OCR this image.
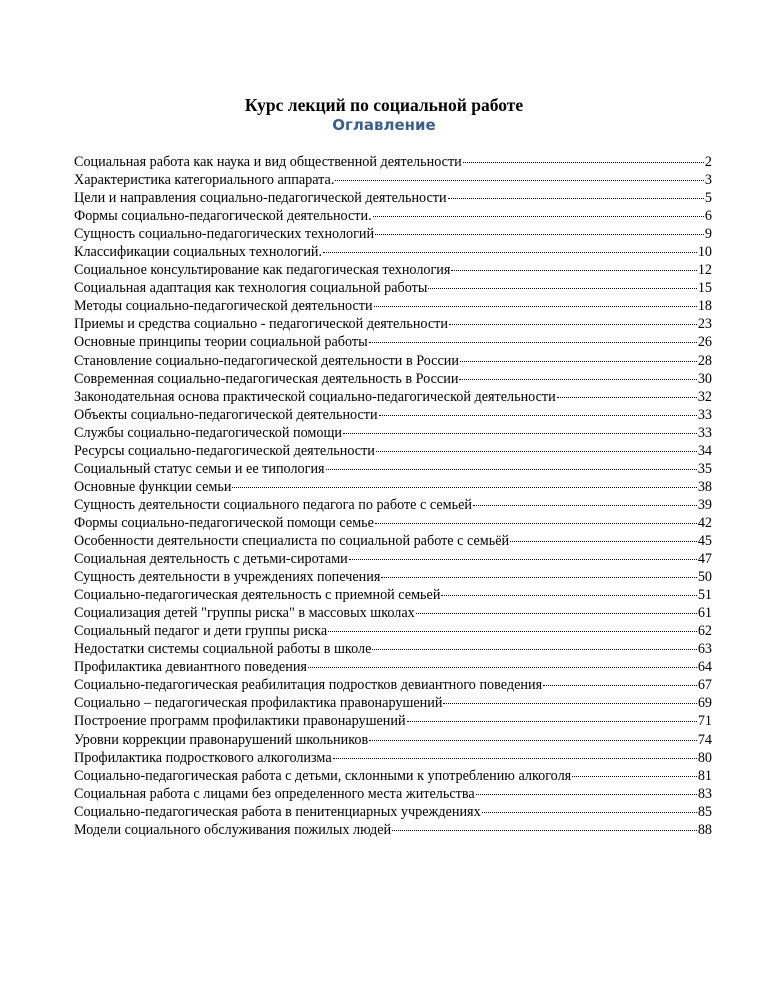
Курс лекций по социальной работе
Оглавление
Социальная работа как наука и вид общественной деятельности	2
Характеристика категориального аппарата.	3
Цели и направления социально-педагогической деятельности	5
Формы социально-педагогической деятельности.	6
Сущность социально-педагогических технологий	9
Классификации социальных технологий.	10
Социальное консультирование как педагогическая технология	12
Социальная адаптация как технология социальной работы	15
Методы социально-педагогической деятельности	18
Приемы и средства социально - педагогической деятельности	23
Основные принципы теории социальной работы	26
Становление социально-педагогической деятельности в России	28
Современная социально-педагогическая деятельность в России	30
Законодательная основа практической социально-педагогической деятельности	32
Объекты социально-педагогической деятельности	33
Службы социально-педагогической помощи	33
Ресурсы социально-педагогической деятельности	34
Социальный статус семьи и ее типология	35
Основные функции семьи	38
Сущность деятельности социального педагога по работе с семьей	39
Формы социально-педагогической помощи семье	42
Особенности деятельности специалиста по социальной работе с семьёй	45
Социальная деятельность с детьми-сиротами	47
Сущность деятельности в учреждениях попечения	50
Социально-педагогическая деятельность с приемной семьей	51
Социализация детей "группы риска" в массовых школах	61
Социальный педагог и дети группы риска	62
Недостатки системы социальной работы в школе	63
Профилактика девиантного поведения	64
Социально-педагогическая реабилитация подростков девиантного поведения	67
Социально – педагогическая профилактика правонарушений	69
Построение программ профилактики правонарушений	71
Уровни коррекции правонарушений школьников	74
Профилактика подросткового алкоголизма	80
Социально-педагогическая работа с детьми, склонными к употреблению алкоголя	81
Социальная работа с лицами без определенного места жительства	83
Социально-педагогическая работа в пенитенциарных учреждениях	85
Модели социального обслуживания пожилых людей	88
